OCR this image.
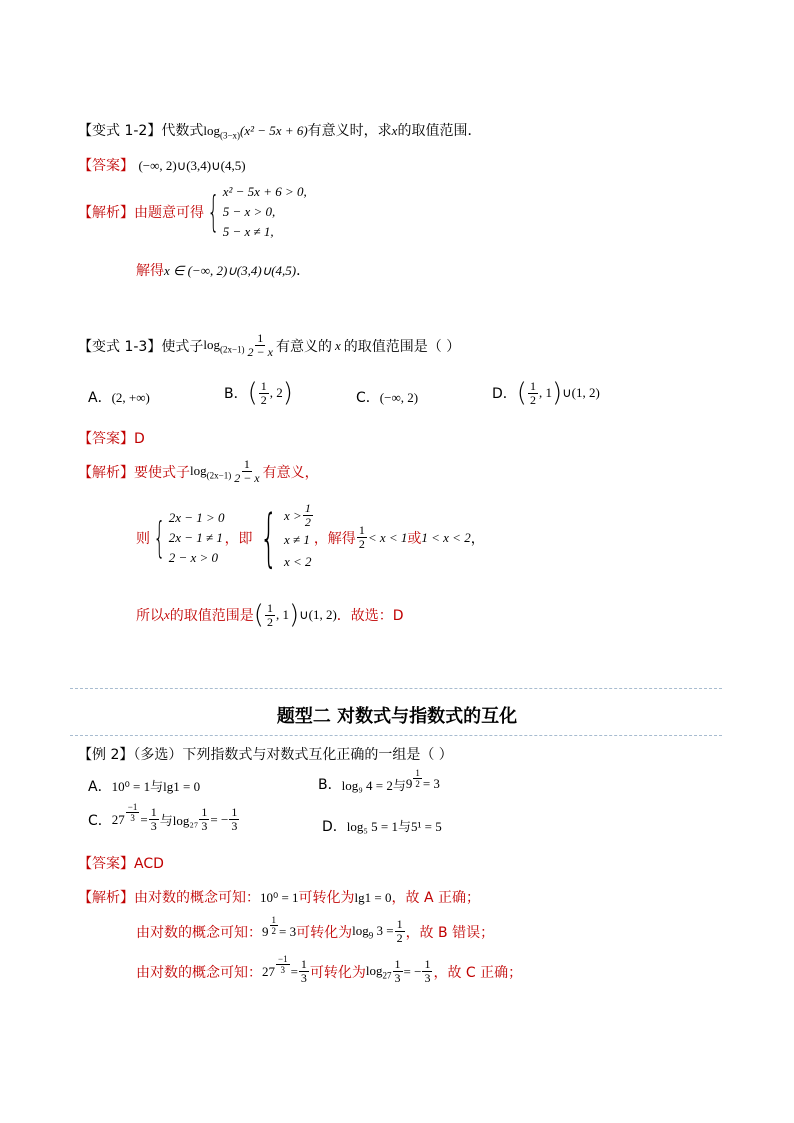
【变式 1-2】代数式$\log_{(3-x)}(x^2 - 5x + 6)$有意义时，求x的取值范围．
【答案】 (−∞, 2)∪(3,4)∪(4,5)
【解析】 由题意可得 { x² − 5x + 6 > 0,
5 − x > 0,
5 − x ≠ 1,
解得x ∈ (−∞, 2)∪(3,4)∪(4,5)．
【变式 1-3】 使式子 $\log_{(2x-1)} \frac{1}{2 - x}$ 有意义的 x 的取值范围是（ ）
A．(2, +∞)	B． ( $\frac{1}{2}$ , 2 )	C．(−∞, 2)	D． ( $\frac{1}{2}$ , 1 ) ∪(1, 2)
【答案】D
【解析】 要使式子 $\log_{(2x-1)} \frac{1}{2 - x}$ 有意义，
则 { 2x − 1 > 0
2x − 1 ≠ 1
2 − x > 0
，即 { $x > \frac{1}{2}$
x ≠ 1
x < 2
，解得 $\frac{1}{2} < x < 1$ 或 1 < x < 2 ，
所以 x 的取值范围是 ( $\frac{1}{2}$ , 1 ) ∪(1, 2) ．故选：D
题型二 对数式与指数式的互化
【例 2】（多选）下列指数式与对数式互化正确的一组是（ ）
A．10⁰ = 1与lg1 = 0	B． log₉ 4 = 2与 $9 \frac{1}{2} = 3$
C． $27 \frac{-1}{3} = \frac{1}{3}$ 与$\log_{27} \frac{1}{3}$ = − $\frac{1}{3}$	D．log₅ 5 = 1与5¹ = 5
【答案】ACD
【解析】由对数的概念可知：10⁰ = 1可转化为lg1 = 0，故 A 正确；
由对数的概念可知： $9 \frac{1}{2} = 3$ 可转化为 $\log_9 3 = \frac{1}{2}$ ，故 B 错误；
由对数的概念可知： $27 \frac{-1}{3} = \frac{1}{3}$ 可转化为 $\log_{27} \frac{1}{3}$ = − $\frac{1}{3}$ ，故 C 正确；
